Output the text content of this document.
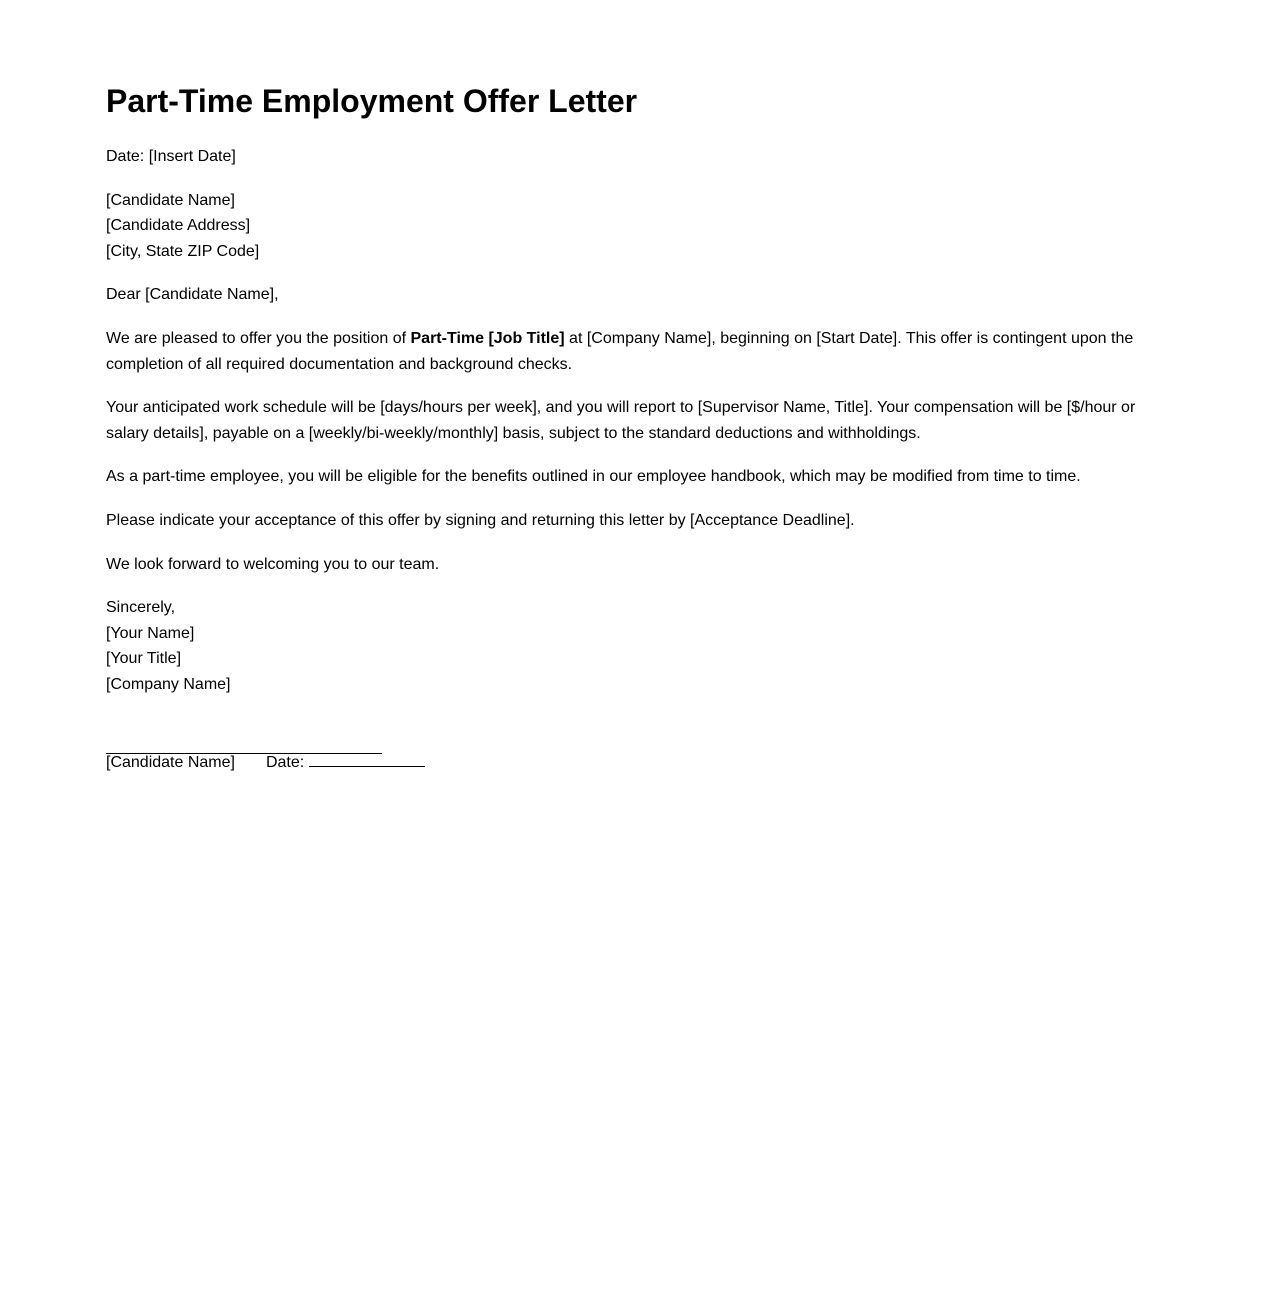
Part-Time Employment Offer Letter

Date: [Insert Date]

[Candidate Name]
[Candidate Address]
[City, State ZIP Code]

Dear [Candidate Name],

We are pleased to offer you the position of Part-Time [Job Title] at [Company Name], beginning on [Start Date]. This offer is contingent upon the completion of all required documentation and background checks.

Your anticipated work schedule will be [days/hours per week], and you will report to [Supervisor Name, Title]. Your compensation will be [$/hour or salary details], payable on a [weekly/bi-weekly/monthly] basis, subject to the standard deductions and withholdings.

As a part-time employee, you will be eligible for the benefits outlined in our employee handbook, which may be modified from time to time.

Please indicate your acceptance of this offer by signing and returning this letter by [Acceptance Deadline].

We look forward to welcoming you to our team.

Sincerely,
[Your Name]
[Your Title]
[Company Name]

[Candidate Name] Date:
